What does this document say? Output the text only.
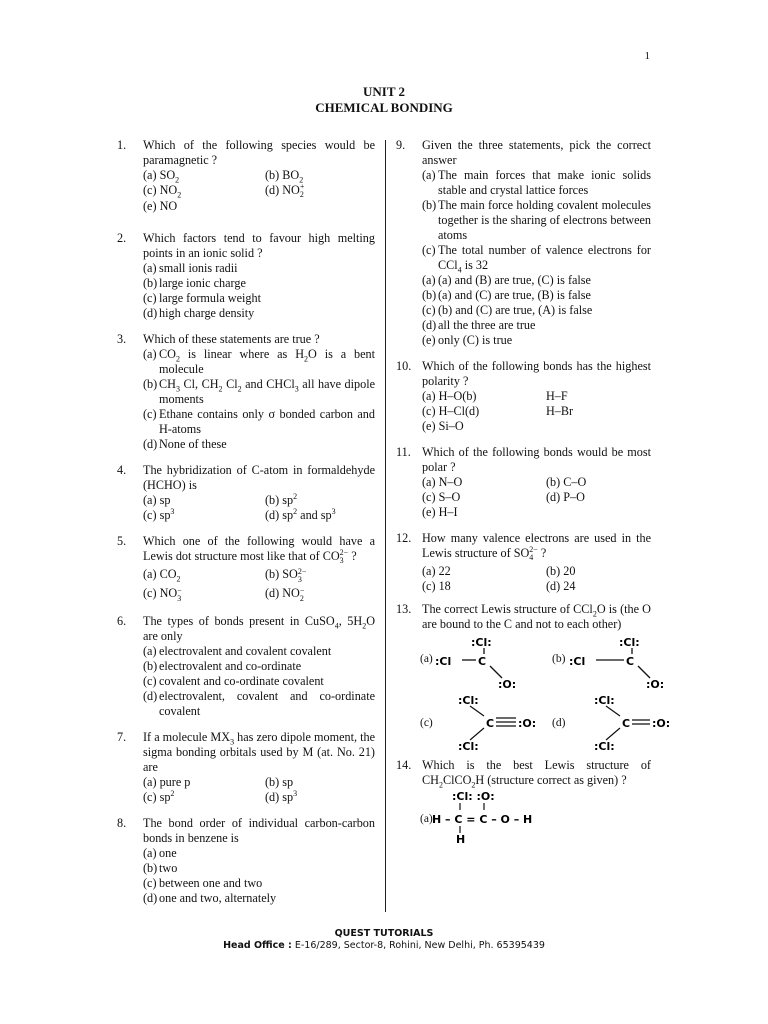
1
UNIT 2
CHEMICAL BONDING
1. Which of the following species would be paramagnetic ?
(a) $SO_2$	(b) $BO_2$
(c) $NO_2$	(d) NO+
2
(e) NO
2. Which factors tend to favour high melting points in an ionic solid ?
(a) small ionis radii
(b) large ionic charge
(c) large formula weight
(d) high charge density
3. Which of these statements are true ?
(a) $CO_2$ is linear where as $H_2O$ is a bent molecule
(b) $CH_3$ Cl, $CH_2$ $Cl_2$ and CHCl$_3$ all have dipole moments
(c) Ethane contains only σ bonded carbon and H-atoms
(d) None of these
4. The hybridization of C-atom in formaldehyde (HCHO) is
(a) sp	(b) $sp^2$
(c) $sp^3$	(d) $sp^2$ and $sp^3$
5. Which one of the following would have a Lewis dot structure most like that of CO2−
3 ?
(a) $CO_2$	(b) SO2−
3
(c) NO−
3	(d) NO−
2
6. The types of bonds present in CuSO$_4$, $5H_2O$ are only
(a) electrovalent and covalent covalent
(b) electrovalent and co-ordinate
(c) covalent and co-ordinate covalent
(d) electrovalent, covalent and co-ordinate covalent
7. If a molecule $MX_3$ has zero dipole moment, the sigma bonding orbitals used by M (at. No. 21) are
(a) pure p	(b) sp
(c) $sp^2$	(d) $sp^3$
8. The bond order of individual carbon-carbon bonds in benzene is
(a) one
(b) two
(c) between one and two
(d) one and two, alternately
9. Given the three statements, pick the correct answer
(a) The main forces that make ionic solids stable and crystal lattice forces
(b) The main force holding covalent molecules together is the sharing of electrons between atoms
(c) The total number of valence electrons for CCl$_4$ is 32
(a) (a) and (B) are true, (C) is false
(b) (a) and (C) are true, (B) is false
(c) (b) and (C) are true, (A) is false
(d) all the three are true
(e) only (C) is true
10. Which of the following bonds has the highest polarity ?
(a) H–O(b)	H–F
(c) H–Cl(d)	H–Br
(e) Si–O
11. Which of the following bonds would be most polar ?
(a) N–O	(b) C–O
(c) S–O	(d) P–O
(e) H–I
12. How many valence electrons are used in the Lewis structure of SO2−
4 ?
(a) 22	(b) 20
(c) 18	(d) 24
13. The correct Lewis structure of CCl$_2$O is (the O are bound to the C and not to each other)
(a)
:Cl:
:Cl C
:O:
(b)
:Cl:
:Cl	C
:O:
(c)
:Cl:
C :O:
:Cl:
(d)
:Cl:
C :O:
:Cl:
14. Which is the best Lewis structure of $CH_2ClCO_2H$ (structure correct as given) ?
(a)
:Cl: :O:
H – C = C – O – H
H
QUEST TUTORIALS
Head Office : E-16/289, Sector-8, Rohini, New Delhi, Ph. 65395439
